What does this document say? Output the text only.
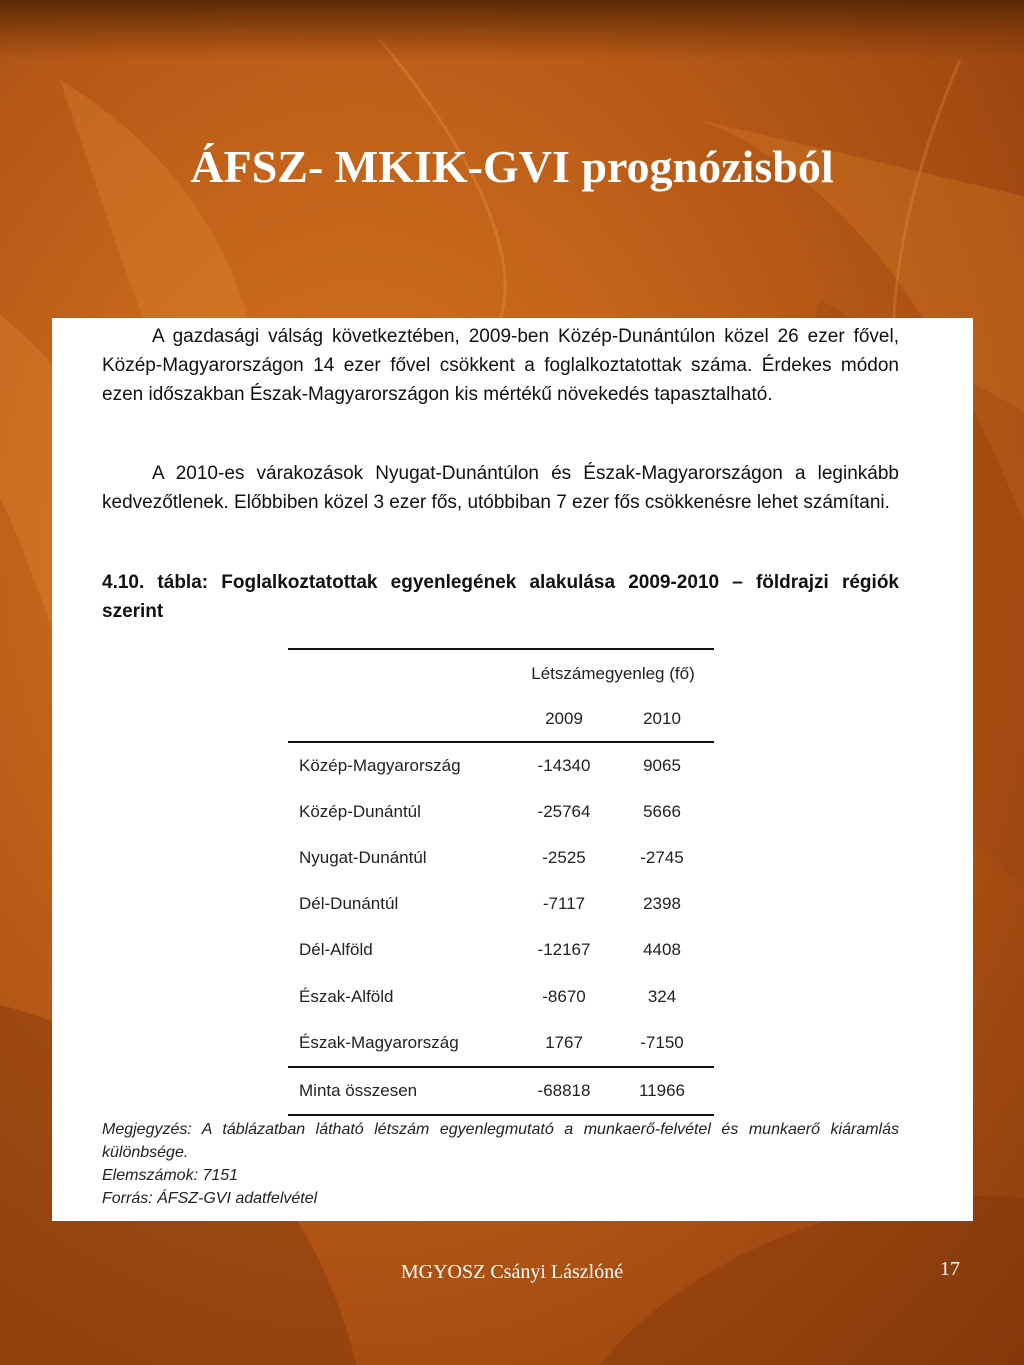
ÁFSZ- MKIK-GVI prognózisból

A gazdasági válság következtében, 2009-ben Közép-Dunántúlon közel 26 ezer fővel, Közép-Magyarországon 14 ezer fővel csökkent a foglalkoztatottak száma. Érdekes módon ezen időszakban Észak-Magyarországon kis mértékű növekedés tapasztalható.

A 2010-es várakozások Nyugat-Dunántúlon és Észak-Magyarországon a leginkább kedvezőtlenek. Előbbiben közel 3 ezer fős, utóbbiban 7 ezer fős csökkenésre lehet számítani.

4.10. tábla: Foglalkoztatottak egyenlegének alakulása 2009-2010 – földrajzi régiók szerint

Létszámegyenleg (fő)
2009	2010
Közép-Magyarország	-14340	9065
Közép-Dunántúl	-25764	5666
Nyugat-Dunántúl	-2525	-2745
Dél-Dunántúl	-7117	2398
Dél-Alföld	-12167	4408
Észak-Alföld	-8670	324
Észak-Magyarország	1767	-7150
Minta összesen	-68818	11966
Megjegyzés: A táblázatban látható létszám egyenlegmutató a munkaerő-felvétel és munkaerő kiáramlás különbsége.
Elemszámok: 7151
Forrás: ÁFSZ-GVI adatfelvétel
MGYOSZ Csányi Lászlóné	17
